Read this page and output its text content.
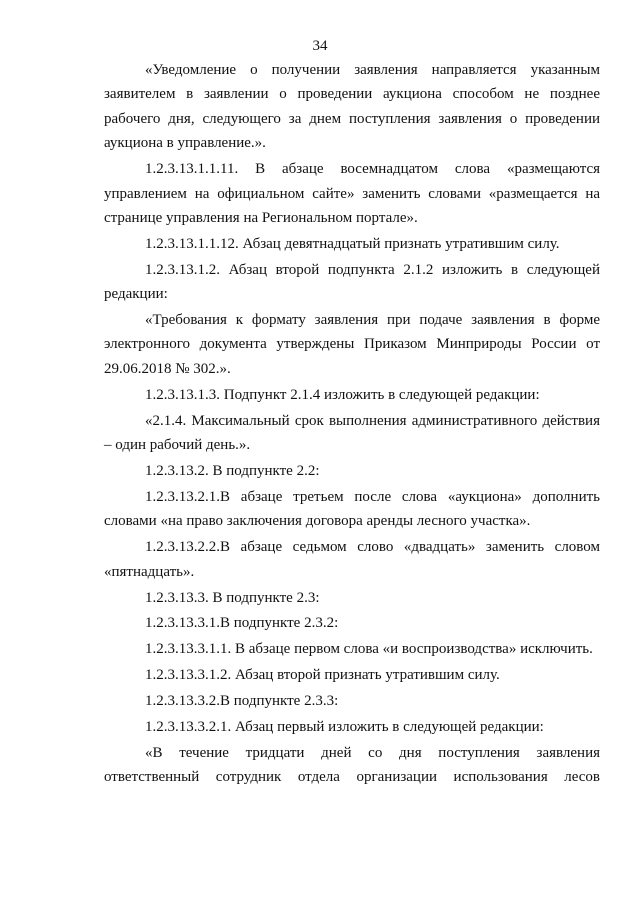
34

«Уведомление о получении заявления направляется указанным заявителем в заявлении о проведении аукциона способом не позднее рабочего дня, следующего за днем поступления заявления о проведении аукциона в управление.».

1.2.3.13.1.1.11. В абзаце восемнадцатом слова «размещаются управлением на официальном сайте» заменить словами «размещается на странице управления на Региональном портале».

1.2.3.13.1.1.12. Абзац девятнадцатый признать утратившим силу.

1.2.3.13.1.2. Абзац второй подпункта 2.1.2 изложить в следующей редакции:

«Требования к формату заявления при подаче заявления в форме электронного документа утверждены Приказом Минприроды России от 29.06.2018 № 302.».

1.2.3.13.1.3. Подпункт 2.1.4 изложить в следующей редакции:

«2.1.4. Максимальный срок выполнения административного действия – один рабочий день.».

1.2.3.13.2. В подпункте 2.2:

1.2.3.13.2.1.В абзаце третьем после слова «аукциона» дополнить словами «на право заключения договора аренды лесного участка».

1.2.3.13.2.2.В абзаце седьмом слово «двадцать» заменить словом «пятнадцать».

1.2.3.13.3. В подпункте 2.3:

1.2.3.13.3.1.В подпункте 2.3.2:

1.2.3.13.3.1.1. В абзаце первом слова «и воспроизводства» исключить.

1.2.3.13.3.1.2. Абзац второй признать утратившим силу.

1.2.3.13.3.2.В подпункте 2.3.3:

1.2.3.13.3.2.1. Абзац первый изложить в следующей редакции:

«В течение тридцати дней со дня поступления заявления ответственный сотрудник отдела организации использования лесов
